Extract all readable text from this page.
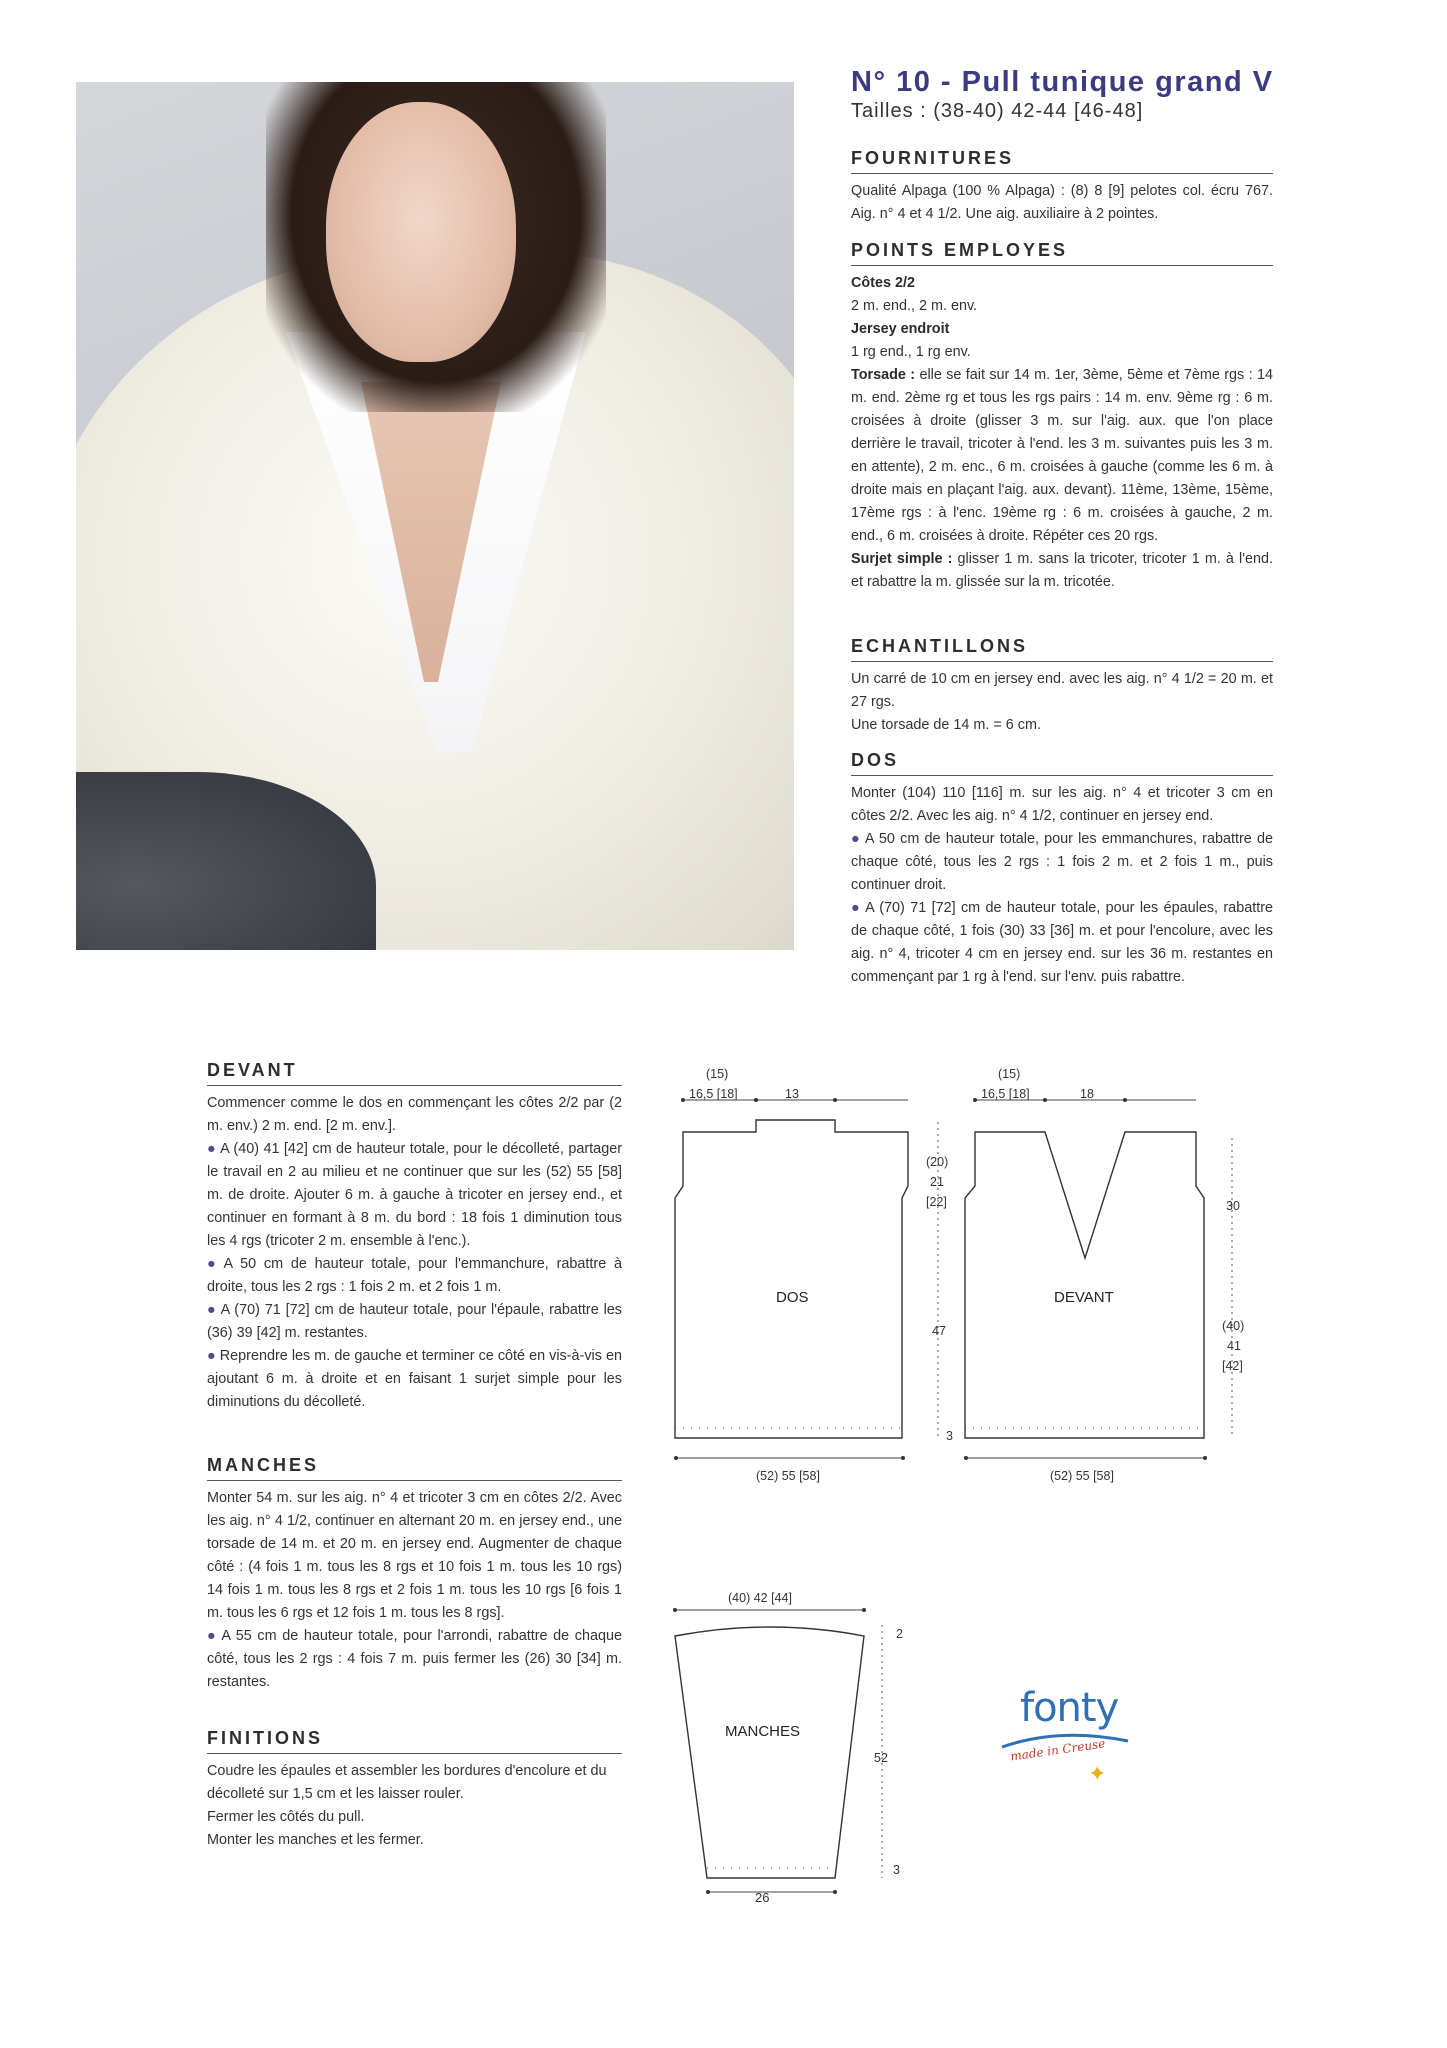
N° 10 - Pull tunique grand V
Tailles : (38-40) 42-44 [46-48]
FOURNITURES

Qualité Alpaga (100 % Alpaga) : (8) 8 [9] pelotes col. écru 767. Aig. n° 4 et 4 1/2. Une aig. auxiliaire à 2 pointes.

POINTS EMPLOYES
Côtes 2/2

2 m. end., 2 m. env.

Jersey endroit

1 rg end., 1 rg env.

Torsade : elle se fait sur 14 m. 1er, 3ème, 5ème et 7ème rgs : 14 m. end. 2ème rg et tous les rgs pairs : 14 m. env. 9ème rg : 6 m. croisées à droite (glisser 3 m. sur l'aig. aux. que l'on place derrière le travail, tricoter à l'end. les 3 m. suivantes puis les 3 m. en attente), 2 m. enc., 6 m. croisées à gauche (comme les 6 m. à droite mais en plaçant l'aig. aux. devant). 11ème, 13ème, 15ème, 17ème rgs : à l'enc. 19ème rg : 6 m. croisées à gauche, 2 m. end., 6 m. croisées à droite. Répéter ces 20 rgs.

Surjet simple : glisser 1 m. sans la tricoter, tricoter 1 m. à l'end. et rabattre la m. glissée sur la m. tricotée.

ECHANTILLONS

Un carré de 10 cm en jersey end. avec les aig. n° 4 1/2 = 20 m. et 27 rgs.

Une torsade de 14 m. = 6 cm.

DOS

Monter (104) 110 [116] m. sur les aig. n° 4 et tricoter 3 cm en côtes 2/2. Avec les aig. n° 4 1/2, continuer en jersey end.

● A 50 cm de hauteur totale, pour les emmanchures, rabattre de chaque côté, tous les 2 rgs : 1 fois 2 m. et 2 fois 1 m., puis continuer droit.

● A (70) 71 [72] cm de hauteur totale, pour les épaules, rabattre de chaque côté, 1 fois (30) 33 [36] m. et pour l'encolure, avec les aig. n° 4, tricoter 4 cm en jersey end. sur les 36 m. restantes en commençant par 1 rg à l'end. sur l'env. puis rabattre.

DEVANT

Commencer comme le dos en commençant les côtes 2/2 par (2 m. env.) 2 m. end. [2 m. env.].

● A (40) 41 [42] cm de hauteur totale, pour le décolleté, partager le travail en 2 au milieu et ne continuer que sur les (52) 55 [58] m. de droite. Ajouter 6 m. à gauche à tricoter en jersey end., et continuer en formant à 8 m. du bord : 18 fois 1 diminution tous les 4 rgs (tricoter 2 m. ensemble à l'enc.).

● A 50 cm de hauteur totale, pour l'emmanchure, rabattre à droite, tous les 2 rgs : 1 fois 2 m. et 2 fois 1 m.

● A (70) 71 [72] cm de hauteur totale, pour l'épaule, rabattre les (36) 39 [42] m. restantes.

● Reprendre les m. de gauche et terminer ce côté en vis-à-vis en ajoutant 6 m. à droite et en faisant 1 surjet simple pour les diminutions du décolleté.

MANCHES

Monter 54 m. sur les aig. n° 4 et tricoter 3 cm en côtes 2/2. Avec les aig. n° 4 1/2, continuer en alternant 20 m. en jersey end., une torsade de 14 m. et 20 m. en jersey end. Augmenter de chaque côté : (4 fois 1 m. tous les 8 rgs et 10 fois 1 m. tous les 10 rgs) 14 fois 1 m. tous les 8 rgs et 2 fois 1 m. tous les 10 rgs [6 fois 1 m. tous les 6 rgs et 12 fois 1 m. tous les 8 rgs].

● A 55 cm de hauteur totale, pour l'arrondi, rabattre de chaque côté, tous les 2 rgs : 4 fois 7 m. puis fermer les (26) 30 [34] m. restantes.

FINITIONS

Coudre les épaules et assembler les bordures d'encolure et du décolleté sur 1,5 cm et les laisser rouler.

Fermer les côtés du pull.

Monter les manches et les fermer.

DOS
(15)
16,5 [18]	13
(20)
21
[22]
47
3
(52) 55 [58]
DEVANT
(15)
16,5 [18]	18
30
(40)
41
[42]
(52) 55 [58]
MANCHES
(40) 42 [44]
2
52
3
fonty
made in Creuse
✦
26
